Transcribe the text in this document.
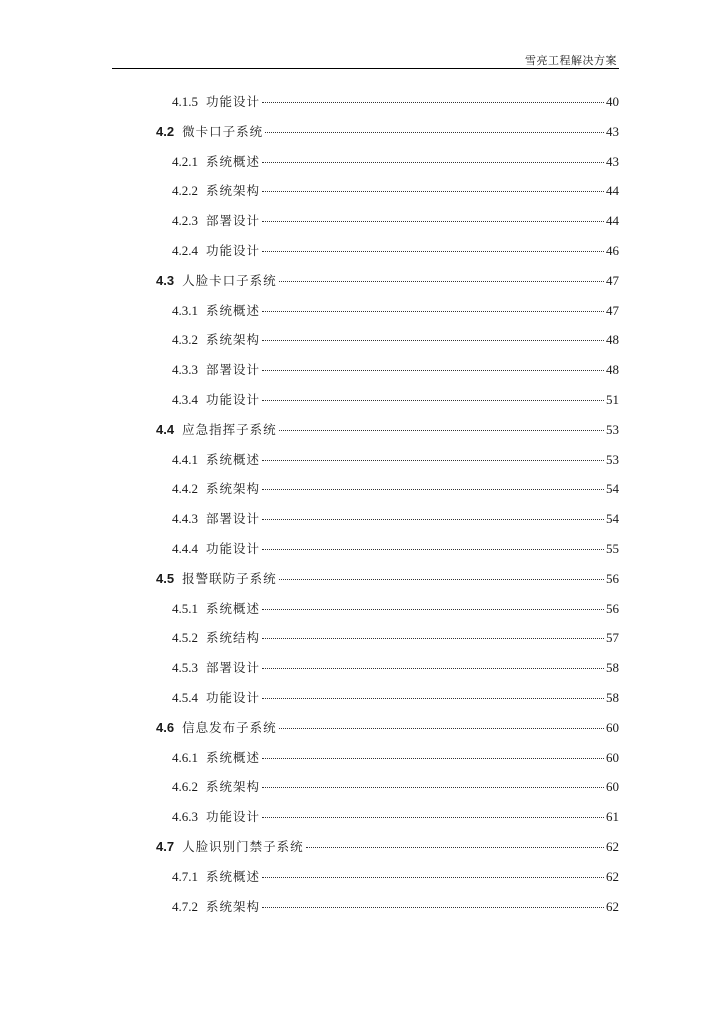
雪亮工程解决方案
4.1.5 功能设计	40
4.2 微卡口子系统	43
4.2.1 系统概述	43
4.2.2 系统架构	44
4.2.3 部署设计	44
4.2.4 功能设计	46
4.3 人脸卡口子系统	47
4.3.1 系统概述	47
4.3.2 系统架构	48
4.3.3 部署设计	48
4.3.4 功能设计	51
4.4 应急指挥子系统	53
4.4.1 系统概述	53
4.4.2 系统架构	54
4.4.3 部署设计	54
4.4.4 功能设计	55
4.5 报警联防子系统	56
4.5.1 系统概述	56
4.5.2 系统结构	57
4.5.3 部署设计	58
4.5.4 功能设计	58
4.6 信息发布子系统	60
4.6.1 系统概述	60
4.6.2 系统架构	60
4.6.3 功能设计	61
4.7 人脸识别门禁子系统	62
4.7.1 系统概述	62
4.7.2 系统架构	62
